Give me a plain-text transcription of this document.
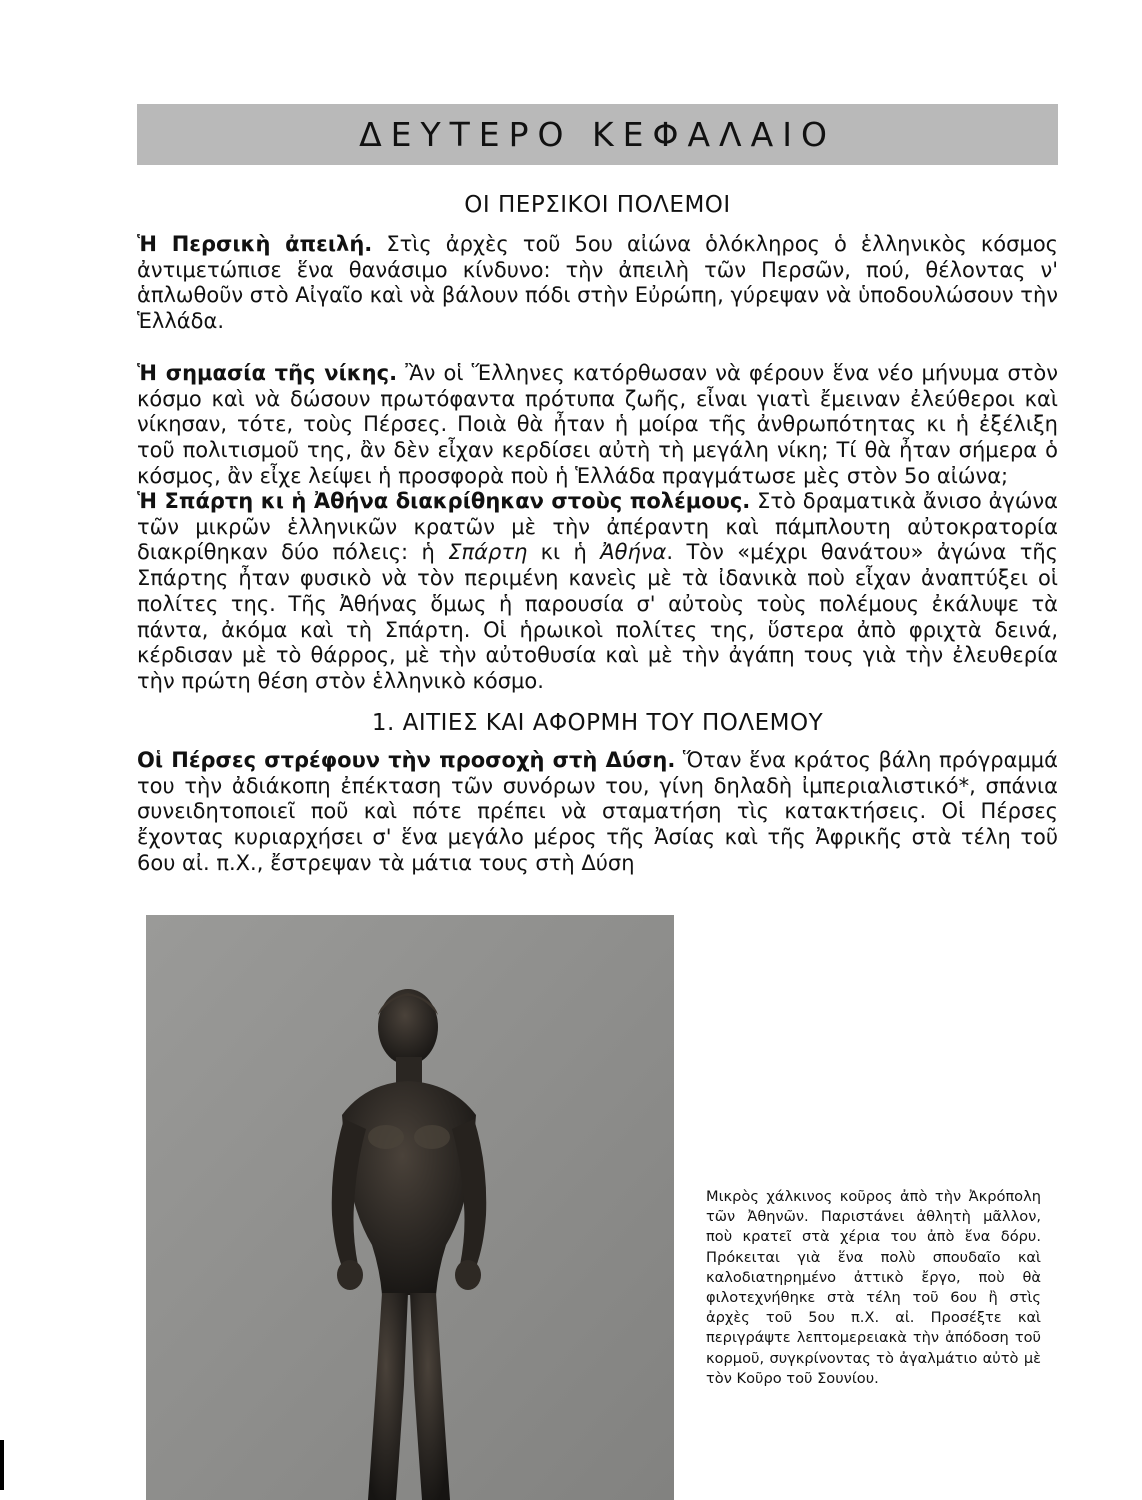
ΔΕΥΤΕΡΟ ΚΕΦΑΛΑΙΟ
ΟΙ ΠΕΡΣΙΚΟΙ ΠΟΛΕΜΟΙ

Ἡ Περσικὴ ἀπειλή. Στὶς ἀρχὲς τοῦ 5ου αἰώνα ὁλόκληρος ὁ ἑλληνικὸς κόσμος ἀντιμετώπισε ἕνα θανάσιμο κίνδυνο: τὴν ἀπειλὴ τῶν Περσῶν, πού, θέλοντας ν' ἁπλωθοῦν στὸ Αἰγαῖο καὶ νὰ βάλουν πόδι στὴν Εὐρώπη, γύρεψαν νὰ ὑποδουλώσουν τὴν Ἑλλάδα.

Ἡ σημασία τῆς νίκης. Ἂν οἱ Ἕλληνες κατόρθωσαν νὰ φέρουν ἕνα νέο μήνυμα στὸν κόσμο καὶ νὰ δώσουν πρωτόφαντα πρότυπα ζωῆς, εἶναι γιατὶ ἔμειναν ἐλεύθεροι καὶ νίκησαν, τότε, τοὺς Πέρσες. Ποιὰ θὰ ἦταν ἡ μοίρα τῆς ἀνθρωπότητας κι ἡ ἐξέλιξη τοῦ πολιτισμοῦ της, ἂν δὲν εἶχαν κερδίσει αὐτὴ τὴ μεγάλη νίκη; Τί θὰ ἦταν σήμερα ὁ κόσμος, ἂν εἶχε λείψει ἡ προσφορὰ ποὺ ἡ Ἑλλάδα πραγμάτωσε μὲς στὸν 5ο αἰώνα;

Ἡ Σπάρτη κι ἡ Ἀθήνα διακρίθηκαν στοὺς πολέμους. Στὸ δραματικὰ ἄνισο ἀγώνα τῶν μικρῶν ἑλληνικῶν κρατῶν μὲ τὴν ἀπέραντη καὶ πάμπλουτη αὐτοκρατορία διακρίθηκαν δύο πόλεις: ἡ Σπάρτη κι ἡ Ἀθήνα. Τὸν «μέχρι θανάτου» ἀγώνα τῆς Σπάρτης ἦταν φυσικὸ νὰ τὸν περιμένη κανεὶς μὲ τὰ ἰδανικὰ ποὺ εἶχαν ἀναπτύξει οἱ πολίτες της. Τῆς Ἀθήνας ὅμως ἡ παρουσία σ' αὐτοὺς τοὺς πολέμους ἐκάλυψε τὰ πάντα, ἀκόμα καὶ τὴ Σπάρτη. Οἱ ἡρωικοὶ πολίτες της, ὕστερα ἀπὸ φριχτὰ δεινά, κέρδισαν μὲ τὸ θάρρος, μὲ τὴν αὐτοθυσία καὶ μὲ τὴν ἀγάπη τους γιὰ τὴν ἐλευθερία τὴν πρώτη θέση στὸν ἑλληνικὸ κόσμο.

1. ΑΙΤΙΕΣ ΚΑΙ ΑΦΟΡΜΗ ΤΟΥ ΠΟΛΕΜΟΥ

Οἱ Πέρσες στρέφουν τὴν προσοχὴ στὴ Δύση. Ὅταν ἕνα κράτος βάλη πρόγραμμά του τὴν ἀδιάκοπη ἐπέκταση τῶν συνόρων του, γίνη δηλαδὴ ἰμπεριαλιστικό*, σπάνια συνειδητοποιεῖ ποῦ καὶ πότε πρέπει νὰ σταματήση τὶς κατακτήσεις. Οἱ Πέρσες ἔχοντας κυριαρχήσει σ' ἕνα μεγάλο μέρος τῆς Ἀσίας καὶ τῆς Ἀφρικῆς στὰ τέλη τοῦ 6ου αἰ. π.Χ., ἔστρεψαν τὰ μάτια τους στὴ Δύση

Μικρὸς χάλκινος κοῦρος ἀπὸ τὴν Ἀκρόπολη τῶν Ἀθηνῶν. Παριστάνει ἀθλητὴ μᾶλλον, ποὺ κρατεῖ στὰ χέρια του ἀπὸ ἕνα δόρυ. Πρόκειται γιὰ ἕνα πολὺ σπουδαῖο καὶ καλοδιατηρημένο ἀττικὸ ἔργο, ποὺ θὰ φιλοτεχνήθηκε στὰ τέλη τοῦ 6ου ἢ στὶς ἀρχὲς τοῦ 5ου π.Χ. αἰ. Προσέξτε καὶ περιγράψτε λεπτομερειακὰ τὴν ἀπόδοση τοῦ κορμοῦ, συγκρίνοντας τὸ ἀγαλμάτιο αὐτὸ μὲ τὸν Κοῦρο τοῦ Σουνίου.
